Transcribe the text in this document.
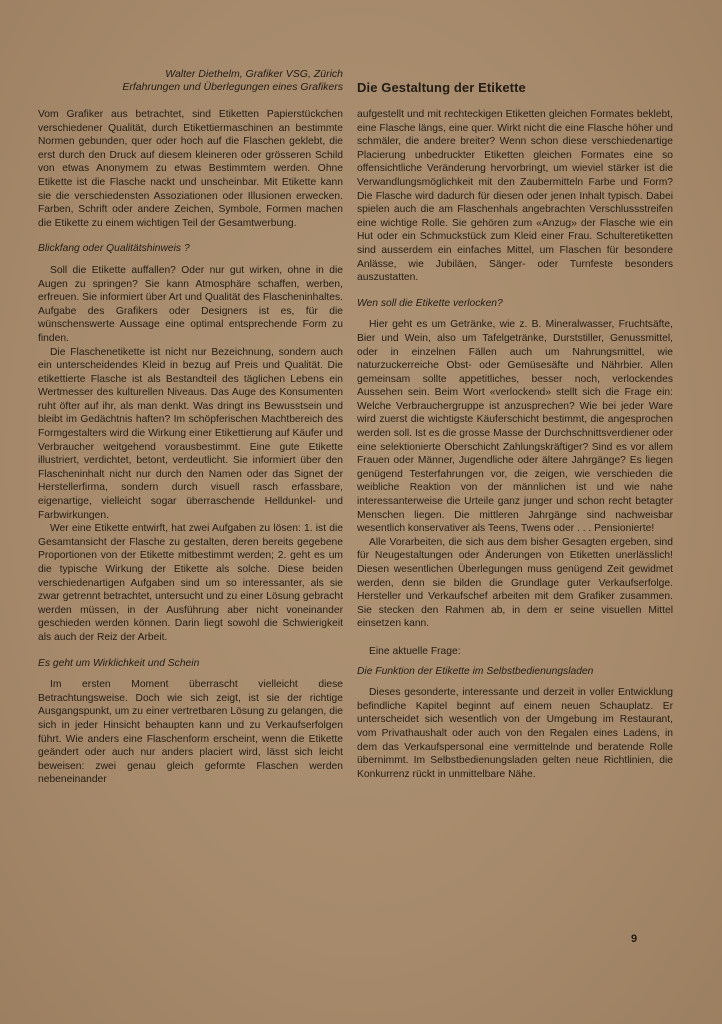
Walter Diethelm, Grafiker VSG, Zürich
Erfahrungen und Überlegungen eines Grafikers Die Gestaltung der Etikette

Vom Grafiker aus betrachtet, sind Etiketten Papierstückchen verschiedener Qualität, durch Etikettiermaschinen an bestimmte Normen gebunden, quer oder hoch auf die Flaschen geklebt, die erst durch den Druck auf diesem kleineren oder grösseren Schild von etwas Anonymem zu etwas Bestimmtem werden. Ohne Etikette ist die Flasche nackt und unscheinbar. Mit Etikette kann sie die verschiedensten Assoziationen oder Illusionen erwecken. Farben, Schrift oder andere Zeichen, Symbole, Formen machen die Etikette zu einem wichtigen Teil der Gesamtwerbung.

Blickfang oder Qualitätshinweis ?

Soll die Etikette auffallen? Oder nur gut wirken, ohne in die Augen zu springen? Sie kann Atmosphäre schaffen, werben, erfreuen. Sie informiert über Art und Qualität des Flascheninhaltes. Aufgabe des Grafikers oder Designers ist es, für die wünschenswerte Aussage eine optimal entsprechende Form zu finden.

Die Flaschenetikette ist nicht nur Bezeichnung, sondern auch ein unterscheidendes Kleid in bezug auf Preis und Qualität. Die etikettierte Flasche ist als Bestandteil des täglichen Lebens ein Wertmesser des kulturellen Niveaus. Das Auge des Konsumenten ruht öfter auf ihr, als man denkt. Was dringt ins Bewusstsein und bleibt im Gedächtnis haften? Im schöpferischen Machtbereich des Formgestalters wird die Wirkung einer Etikettierung auf Käufer und Verbraucher weitgehend vorausbestimmt. Eine gute Etikette illustriert, verdichtet, betont, verdeutlicht. Sie informiert über den Flascheninhalt nicht nur durch den Namen oder das Signet der Herstellerfirma, sondern durch visuell rasch erfassbare, eigenartige, vielleicht sogar überraschende Helldunkel- und Farbwirkungen.

Wer eine Etikette entwirft, hat zwei Aufgaben zu lösen: 1. ist die Gesamtansicht der Flasche zu gestalten, deren bereits gegebene Proportionen von der Etikette mitbestimmt werden; 2. geht es um die typische Wirkung der Etikette als solche. Diese beiden verschiedenartigen Aufgaben sind um so interessanter, als sie zwar getrennt betrachtet, untersucht und zu einer Lösung gebracht werden müssen, in der Ausführung aber nicht voneinander geschieden werden können. Darin liegt sowohl die Schwierigkeit als auch der Reiz der Arbeit.

Es geht um Wirklichkeit und Schein

Im ersten Moment überrascht vielleicht diese Betrachtungsweise. Doch wie sich zeigt, ist sie der richtige Ausgangspunkt, um zu einer vertretbaren Lösung zu gelangen, die sich in jeder Hinsicht behaupten kann und zu Verkaufserfolgen führt. Wie anders eine Flaschenform erscheint, wenn die Etikette geändert oder auch nur anders placiert wird, lässt sich leicht beweisen: zwei genau gleich geformte Flaschen werden nebeneinander

aufgestellt und mit rechteckigen Etiketten gleichen Formates beklebt, eine Flasche längs, eine quer. Wirkt nicht die eine Flasche höher und schmäler, die andere breiter? Wenn schon diese verschiedenartige Placierung unbedruckter Etiketten gleichen Formates eine so offensichtliche Veränderung hervorbringt, um wieviel stärker ist die Verwandlungsmöglichkeit mit den Zaubermitteln Farbe und Form? Die Flasche wird dadurch für diesen oder jenen Inhalt typisch. Dabei spielen auch die am Flaschenhals angebrachten Verschlussstreifen eine wichtige Rolle. Sie gehören zum «Anzug» der Flasche wie ein Hut oder ein Schmuckstück zum Kleid einer Frau. Schulteretiketten sind ausserdem ein einfaches Mittel, um Flaschen für besondere Anlässe, wie Jubiläen, Sänger- oder Turnfeste besonders auszustatten.

Wen soll die Etikette verlocken?

Hier geht es um Getränke, wie z. B. Mineralwasser, Fruchtsäfte, Bier und Wein, also um Tafelgetränke, Durststiller, Genussmittel, oder in einzelnen Fällen auch um Nahrungsmittel, wie naturzuckerreiche Obst- oder Gemüsesäfte und Nährbier. Allen gemeinsam sollte appetitliches, besser noch, verlockendes Aussehen sein. Beim Wort «verlockend» stellt sich die Frage ein: Welche Verbrauchergruppe ist anzusprechen? Wie bei jeder Ware wird zuerst die wichtigste Käuferschicht bestimmt, die angesprochen werden soll. Ist es die grosse Masse der Durchschnittsverdiener oder eine selektionierte Oberschicht Zahlungskräftiger? Sind es vor allem Frauen oder Männer, Jugendliche oder ältere Jahrgänge? Es liegen genügend Testerfahrungen vor, die zeigen, wie verschieden die weibliche Reaktion von der männlichen ist und wie nahe interessanterweise die Urteile ganz junger und schon recht betagter Menschen liegen. Die mittleren Jahrgänge sind nachweisbar wesentlich konservativer als Teens, Twens oder . . . Pensionierte!

Alle Vorarbeiten, die sich aus dem bisher Gesagten ergeben, sind für Neugestaltungen oder Änderungen von Etiketten unerlässlich! Diesen wesentlichen Überlegungen muss genügend Zeit gewidmet werden, denn sie bilden die Grundlage guter Verkaufserfolge. Hersteller und Verkaufschef arbeiten mit dem Grafiker zusammen. Sie stecken den Rahmen ab, in dem er seine visuellen Mittel einsetzen kann.

Eine aktuelle Frage:

Die Funktion der Etikette im Selbstbedienungsladen

Dieses gesonderte, interessante und derzeit in voller Entwicklung befindliche Kapitel beginnt auf einem neuen Schauplatz. Er unterscheidet sich wesentlich von der Umgebung im Restaurant, vom Privathaushalt oder auch von den Regalen eines Ladens, in dem das Verkaufspersonal eine vermittelnde und beratende Rolle übernimmt. Im Selbstbedienungsladen gelten neue Richtlinien, die Konkurrenz rückt in unmittelbare Nähe.

9
